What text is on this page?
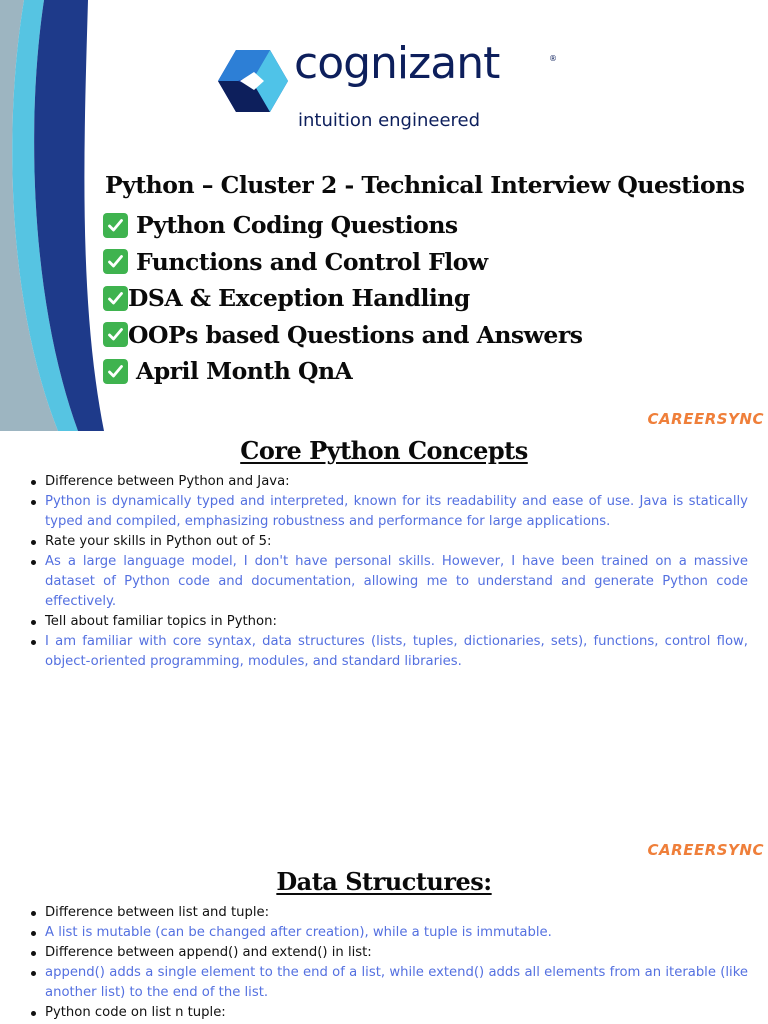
cognizant	®
intuition engineered
Python – Cluster 2 - Technical Interview Questions
Python Coding Questions
Functions and Control Flow
DSA & Exception Handling
OOPs based Questions and Answers
April Month QnA
CAREERSYNC
Core Python Concepts
Difference between Python and Java:
Python is dynamically typed and interpreted, known for its readability and ease of use. Java is statically typed and compiled, emphasizing robustness and performance for large applications.
Rate your skills in Python out of 5:
As a large language model, I don't have personal skills. However, I have been trained on a massive dataset of Python code and documentation, allowing me to understand and generate Python code effectively.
Tell about familiar topics in Python:
I am familiar with core syntax, data structures (lists, tuples, dictionaries, sets), functions, control flow, object-oriented programming, modules, and standard libraries.
CAREERSYNC
Data Structures:
Difference between list and tuple:
A list is mutable (can be changed after creation), while a tuple is immutable.
Difference between append() and extend() in list:
append() adds a single element to the end of a list, while extend() adds all elements from an iterable (like another list) to the end of the list.
Python code on list n tuple:
